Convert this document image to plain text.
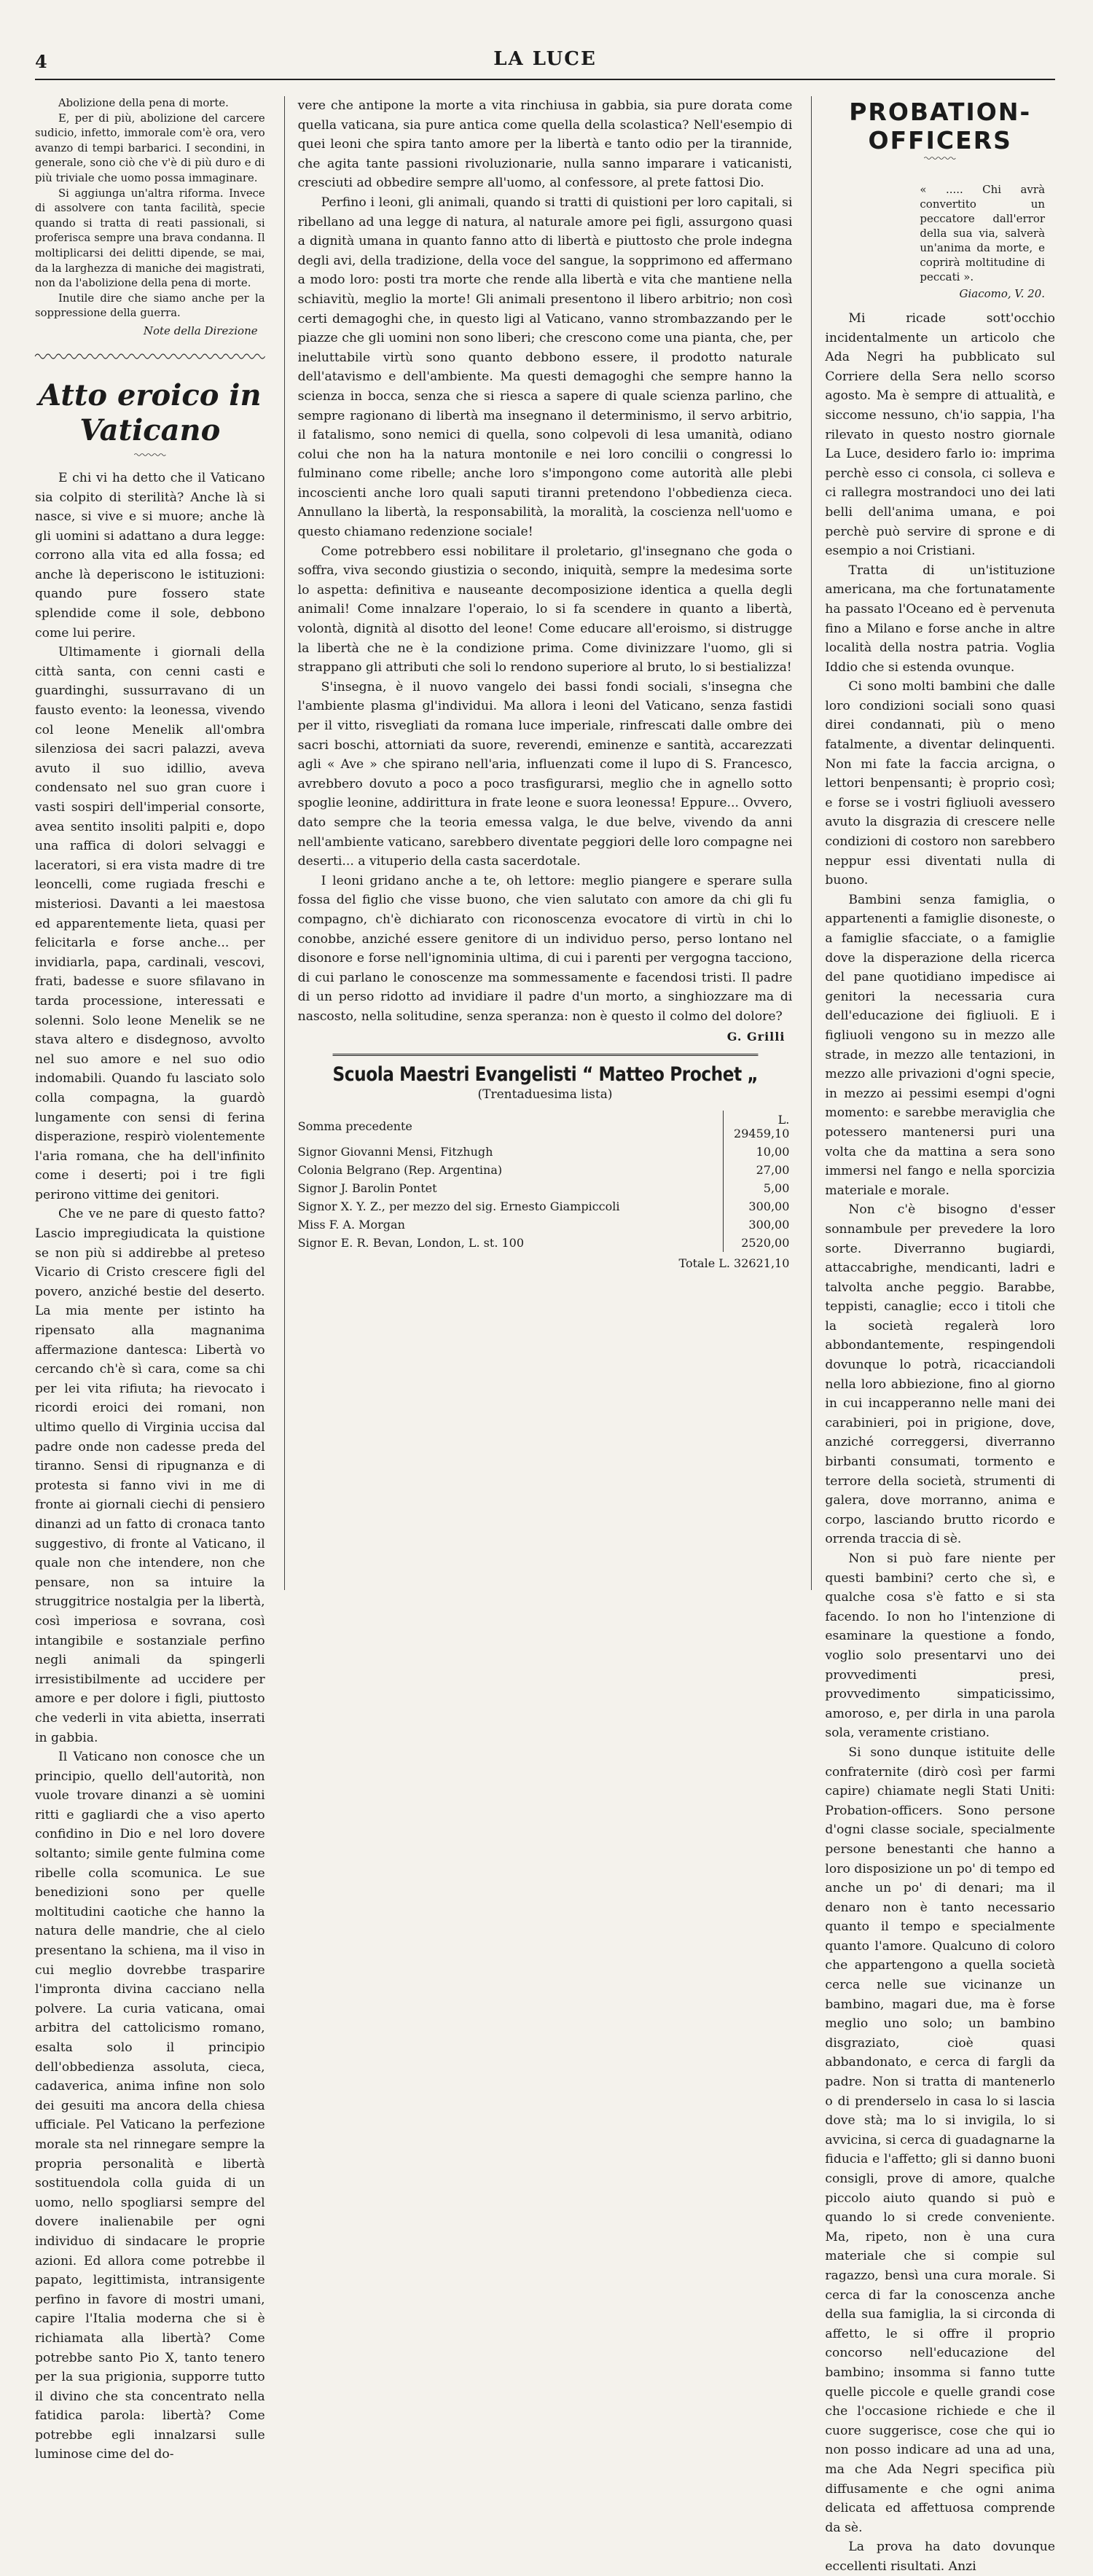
4	LA LUCE

Abolizione della pena di morte.

E, per di più, abolizione del carcere sudicio, infetto, immorale com'è ora, vero avanzo di tempi barbarici. I secondini, in generale, sono ciò che v'è di più duro e di più triviale che uomo possa immaginare.

Si aggiunga un'altra riforma. Invece di assolvere con tanta facilità, specie quando si tratta di reati passionali, si proferisca sempre una brava condanna. Il moltiplicarsi dei delitti dipende, se mai, da la larghezza di maniche dei magistrati, non da l'abolizione della pena di morte.

Inutile dire che siamo anche per la soppressione della guerra.

Note della Direzione
Atto eroico in Vaticano

E chi vi ha detto che il Vaticano sia colpito di sterilità? Anche là si nasce, si vive e si muore; anche là gli uomini si adattano a dura legge: corrono alla vita ed alla fossa; ed anche là deperiscono le istituzioni: quando pure fossero state splendide come il sole, debbono come lui perire.

Ultimamente i giornali della città santa, con cenni casti e guardinghi, sussurravano di un fausto evento: la leonessa, vivendo col leone Menelik all'ombra silenziosa dei sacri palazzi, aveva avuto il suo idillio, aveva condensato nel suo gran cuore i vasti sospiri dell'imperial consorte, avea sentito insoliti palpiti e, dopo una raffica di dolori selvaggi e laceratori, si era vista madre di tre leoncelli, come rugiada freschi e misteriosi. Davanti a lei maestosa ed apparentemente lieta, quasi per felicitarla e forse anche... per invidiarla, papa, cardinali, vescovi, frati, badesse e suore sfilavano in tarda processione, interessati e solenni. Solo leone Menelik se ne stava altero e disdegnoso, avvolto nel suo amore e nel suo odio indomabili. Quando fu lasciato solo colla compagna, la guardò lungamente con sensi di ferina disperazione, respirò violentemente l'aria romana, che ha dell'infinito come i deserti; poi i tre figli perirono vittime dei genitori.

Che ve ne pare di questo fatto? Lascio impregiudicata la quistione se non più si addirebbe al preteso Vicario di Cristo crescere figli del povero, anziché bestie del deserto. La mia mente per istinto ha ripensato alla magnanima affermazione dantesca: Libertà vo cercando ch'è sì cara, come sa chi per lei vita rifiuta; ha rievocato i ricordi eroici dei romani, non ultimo quello di Virginia uccisa dal padre onde non cadesse preda del tiranno. Sensi di ripugnanza e di protesta si fanno vivi in me di fronte ai giornali ciechi di pensiero dinanzi ad un fatto di cronaca tanto suggestivo, di fronte al Vaticano, il quale non che intendere, non che pensare, non sa intuire la struggitrice nostalgia per la libertà, così imperiosa e sovrana, così intangibile e sostanziale perfino negli animali da spingerli irresistibilmente ad uccidere per amore e per dolore i figli, piuttosto che vederli in vita abietta, inserrati in gabbia.

Il Vaticano non conosce che un principio, quello dell'autorità, non vuole trovare dinanzi a sè uomini ritti e gagliardi che a viso aperto confidino in Dio e nel loro dovere soltanto; simile gente fulmina come ribelle colla scomunica. Le sue benedizioni sono per quelle moltitudini caotiche che hanno la natura delle mandrie, che al cielo presentano la schiena, ma il viso in cui meglio dovrebbe trasparire l'impronta divina cacciano nella polvere. La curia vaticana, omai arbitra del cattolicismo romano, esalta solo il principio dell'obbedienza assoluta, cieca, cadaverica, anima infine non solo dei gesuiti ma ancora della chiesa ufficiale. Pel Vaticano la perfezione morale sta nel rinnegare sempre la propria personalità e libertà sostituendola colla guida di un uomo, nello spogliarsi sempre del dovere inalienabile per ogni individuo di sindacare le proprie azioni. Ed allora come potrebbe il papato, legittimista, intransigente perfino in favore di mostri umani, capire l'Italia moderna che si è richiamata alla libertà? Come potrebbe santo Pio X, tanto tenero per la sua prigionia, supporre tutto il divino che sta concentrato nella fatidica parola: libertà? Come potrebbe egli innalzarsi sulle luminose cime del do-

vere che antipone la morte a vita rinchiusa in gabbia, sia pure dorata come quella vaticana, sia pure antica come quella della scolastica? Nell'esempio di quei leoni che spira tanto amore per la libertà e tanto odio per la tirannide, che agita tante passioni rivoluzionarie, nulla sanno imparare i vaticanisti, cresciuti ad obbedire sempre all'uomo, al confessore, al prete fattosi Dio.

Perfino i leoni, gli animali, quando si tratti di quistioni per loro capitali, si ribellano ad una legge di natura, al naturale amore pei figli, assurgono quasi a dignità umana in quanto fanno atto di libertà e piuttosto che prole indegna degli avi, della tradizione, della voce del sangue, la sopprimono ed affermano a modo loro: posti tra morte che rende alla libertà e vita che mantiene nella schiavitù, meglio la morte! Gli animali presentono il libero arbitrio; non così certi demagoghi che, in questo ligi al Vaticano, vanno strombazzando per le piazze che gli uomini non sono liberi; che crescono come una pianta, che, per ineluttabile virtù sono quanto debbono essere, il prodotto naturale dell'atavismo e dell'ambiente. Ma questi demagoghi che sempre hanno la scienza in bocca, senza che si riesca a sapere di quale scienza parlino, che sempre ragionano di libertà ma insegnano il determinismo, il servo arbitrio, il fatalismo, sono nemici di quella, sono colpevoli di lesa umanità, odiano colui che non ha la natura montonile e nei loro concilii o congressi lo fulminano come ribelle; anche loro s'impongono come autorità alle plebi incoscienti anche loro quali saputi tiranni pretendono l'obbedienza cieca. Annullano la libertà, la responsabilità, la moralità, la coscienza nell'uomo e questo chiamano redenzione sociale!

Come potrebbero essi nobilitare il proletario, gl'insegnano che goda o soffra, viva secondo giustizia o secondo, iniquità, sempre la medesima sorte lo aspetta: definitiva e nauseante decomposizione identica a quella degli animali! Come innalzare l'operaio, lo si fa scendere in quanto a libertà, volontà, dignità al disotto del leone! Come educare all'eroismo, si distrugge la libertà che ne è la condizione prima. Come divinizzare l'uomo, gli si strappano gli attributi che soli lo rendono superiore al bruto, lo si bestializza!

S'insegna, è il nuovo vangelo dei bassi fondi sociali, s'insegna che l'ambiente plasma gl'individui. Ma allora i leoni del Vaticano, senza fastidi per il vitto, risvegliati da romana luce imperiale, rinfrescati dalle ombre dei sacri boschi, attorniati da suore, reverendi, eminenze e santità, accarezzati agli « Ave » che spirano nell'aria, influenzati come il lupo di S. Francesco, avrebbero dovuto a poco a poco trasfigurarsi, meglio che in agnello sotto spoglie leonine, addirittura in frate leone e suora leonessa! Eppure... Ovvero, dato sempre che la teoria emessa valga, le due belve, vivendo da anni nell'ambiente vaticano, sarebbero diventate peggiori delle loro compagne nei deserti... a vituperio della casta sacerdotale.

I leoni gridano anche a te, oh lettore: meglio piangere e sperare sulla fossa del figlio che visse buono, che vien salutato con amore da chi gli fu compagno, ch'è dichiarato con riconoscenza evocatore di virtù in chi lo conobbe, anziché essere genitore di un individuo perso, perso lontano nel disonore e forse nell'ignominia ultima, di cui i parenti per vergogna tacciono, di cui parlano le conoscenze ma sommessamente e facendosi tristi. Il padre di un perso ridotto ad invidiare il padre d'un morto, a singhiozzare ma di nascosto, nella solitudine, senza speranza: non è questo il colmo del dolore?

G. Grilli
Scuola Maestri Evangelisti “ Matteo Prochet „
(Trentaduesima lista)
Somma precedente	L. 29459,10
Signor Giovanni Mensi, Fitzhugh	10,00
Colonia Belgrano (Rep. Argentina)	27,00
Signor J. Barolin Pontet	5,00
Signor X. Y. Z., per mezzo del sig. Ernesto Giampiccoli	300,00
Miss F. A. Morgan	300,00
Signor E. R. Bevan, London, L. st. 100	2520,00
Totale L. 32621,10
PROBATION-OFFICERS
« ..... Chi avrà convertito un peccatore dall'error della sua via, salverà un'anima da morte, e coprirà moltitudine di peccati ».
Giacomo, V. 20.

Mi ricade sott'occhio incidentalmente un articolo che Ada Negri ha pubblicato sul Corriere della Sera nello scorso agosto. Ma è sempre di attualità, e siccome nessuno, ch'io sappia, l'ha rilevato in questo nostro giornale La Luce, desidero farlo io: imprima perchè esso ci consola, ci solleva e ci rallegra mostrandoci uno dei lati belli dell'anima umana, e poi perchè può servire di sprone e di esempio a noi Cristiani.

Tratta di un'istituzione americana, ma che fortunatamente ha passato l'Oceano ed è pervenuta fino a Milano e forse anche in altre località della nostra patria. Voglia Iddio che si estenda ovunque.

Ci sono molti bambini che dalle loro condizioni sociali sono quasi direi condannati, più o meno fatalmente, a diventar delinquenti. Non mi fate la faccia arcigna, o lettori benpensanti; è proprio così; e forse se i vostri figliuoli avessero avuto la disgrazia di crescere nelle condizioni di costoro non sarebbero neppur essi diventati nulla di buono.

Bambini senza famiglia, o appartenenti a famiglie disoneste, o a famiglie sfacciate, o a famiglie dove la disperazione della ricerca del pane quotidiano impedisce ai genitori la necessaria cura dell'educazione dei figliuoli. E i figliuoli vengono su in mezzo alle strade, in mezzo alle tentazioni, in mezzo alle privazioni d'ogni specie, in mezzo ai pessimi esempi d'ogni momento: e sarebbe meraviglia che potessero mantenersi puri una volta che da mattina a sera sono immersi nel fango e nella sporcizia materiale e morale.

Non c'è bisogno d'esser sonnambule per prevedere la loro sorte. Diverranno bugiardi, attaccabrighe, mendicanti, ladri e talvolta anche peggio. Barabbe, teppisti, canaglie; ecco i titoli che la società regalerà loro abbondantemente, respingendoli dovunque lo potrà, ricacciandoli nella loro abbiezione, fino al giorno in cui incapperanno nelle mani dei carabinieri, poi in prigione, dove, anziché correggersi, diverranno birbanti consumati, tormento e terrore della società, strumenti di galera, dove morranno, anima e corpo, lasciando brutto ricordo e orrenda traccia di sè.

Non si può fare niente per questi bambini? certo che sì, e qualche cosa s'è fatto e si sta facendo. Io non ho l'intenzione di esaminare la questione a fondo, voglio solo presentarvi uno dei provvedimenti presi, provvedimento simpaticissimo, amoroso, e, per dirla in una parola sola, veramente cristiano.

Si sono dunque istituite delle confraternite (dirò così per farmi capire) chiamate negli Stati Uniti: Probation-officers. Sono persone d'ogni classe sociale, specialmente persone benestanti che hanno a loro disposizione un po' di tempo ed anche un po' di denari; ma il denaro non è tanto necessario quanto il tempo e specialmente quanto l'amore. Qualcuno di coloro che appartengono a quella società cerca nelle sue vicinanze un bambino, magari due, ma è forse meglio uno solo; un bambino disgraziato, cioè quasi abbandonato, e cerca di fargli da padre. Non si tratta di mantenerlo o di prenderselo in casa lo si lascia dove stà; ma lo si invigila, lo si avvicina, si cerca di guadagnarne la fiducia e l'affetto; gli si danno buoni consigli, prove di amore, qualche piccolo aiuto quando si può e quando lo si crede conveniente. Ma, ripeto, non è una cura materiale che si compie sul ragazzo, bensì una cura morale. Si cerca di far la conoscenza anche della sua famiglia, la si circonda di affetto, le si offre il proprio concorso nell'educazione del bambino; insomma si fanno tutte quelle piccole e quelle grandi cose che l'occasione richiede e che il cuore suggerisce, cose che qui io non posso indicare ad una ad una, ma che Ada Negri specifica più diffusamente e che ogni anima delicata ed affettuosa comprende da sè.

La prova ha dato dovunque eccellenti risultati. Anzi
